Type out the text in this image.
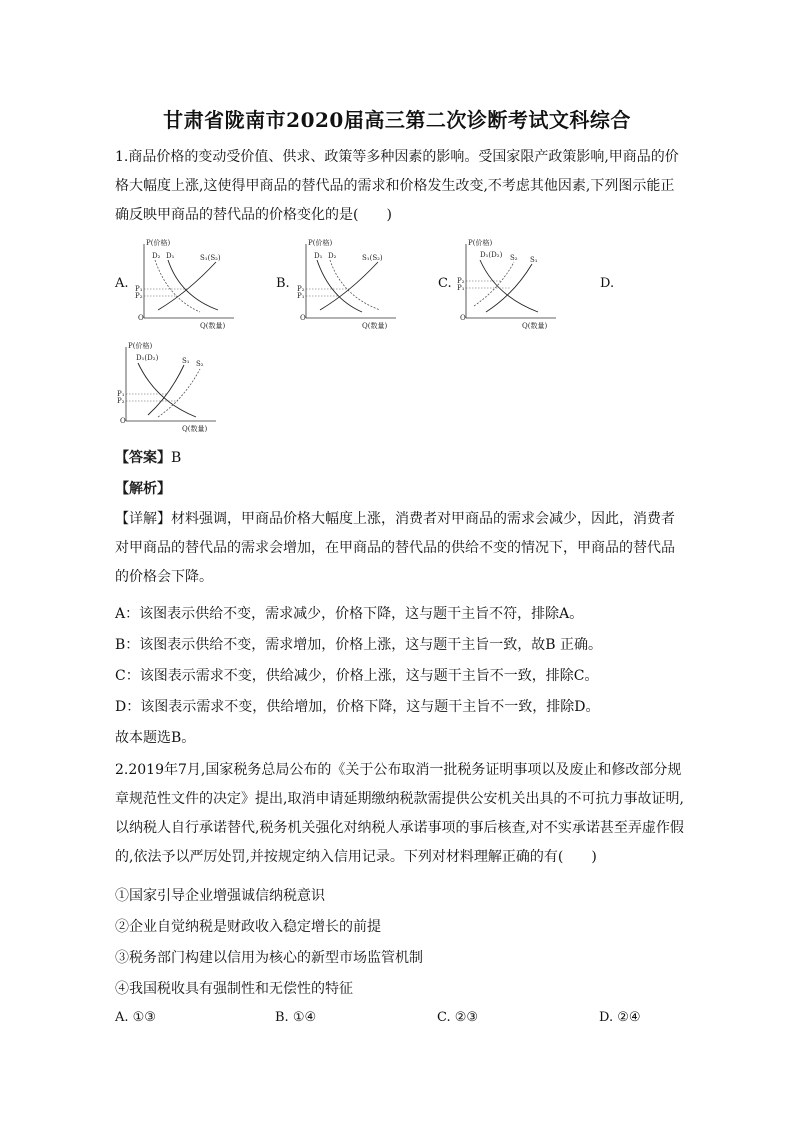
甘肃省陇南市2020届高三第二次诊断考试文科综合

1.商品价格的变动受价值、供求、政策等多种因素的影响。受国家限产政策影响,甲商品的价格大幅度上涨,这使得甲商品的替代品的需求和价格发生改变,不考虑其他因素,下列图示能正确反映甲商品的替代品的价格变化的是(　　)

A.	B.	C.	D.
P(价格)
Q(数量)
O
D₂ D₁	S₁(S₂)
P₁
P₂
P(价格)
Q(数量)
O
D₁ D₂	S₁(S₂)
P₂
P₁
P(价格)
Q(数量)
O
D₁(D₂) S₂ S₁
P₂
P₁
P(价格)
Q(数量)
O
D₁(D₂)	S₁ S₂
P₁
P₂
【答案】B
【解析】

【详解】材料强调，甲商品价格大幅度上涨，消费者对甲商品的需求会减少，因此，消费者对甲商品的替代品的需求会增加，在甲商品的替代品的供给不变的情况下，甲商品的替代品的价格会下降。

A：该图表示供给不变，需求减少，价格下降，这与题干主旨不符，排除A。
B：该图表示供给不变，需求增加，价格上涨，这与题干主旨一致，故B 正确。
C：该图表示需求不变，供给减少，价格上涨，这与题干主旨不一致，排除C。
D：该图表示需求不变，供给增加，价格下降，这与题干主旨不一致，排除D。
故本题选B。

2.2019年7月,国家税务总局公布的《关于公布取消一批税务证明事项以及废止和修改部分规章规范性文件的决定》提出,取消申请延期缴纳税款需提供公安机关出具的不可抗力事故证明,以纳税人自行承诺替代,税务机关强化对纳税人承诺事项的事后核查,对不实承诺甚至弄虚作假的,依法予以严厉处罚,并按规定纳入信用记录。下列对材料理解正确的有(　　)

①国家引导企业增强诚信纳税意识
②企业自觉纳税是财政收入稳定增长的前提
③税务部门构建以信用为核心的新型市场监管机制
④我国税收具有强制性和无偿性的特征
A. ①③	B. ①④	C. ②③	D. ②④
